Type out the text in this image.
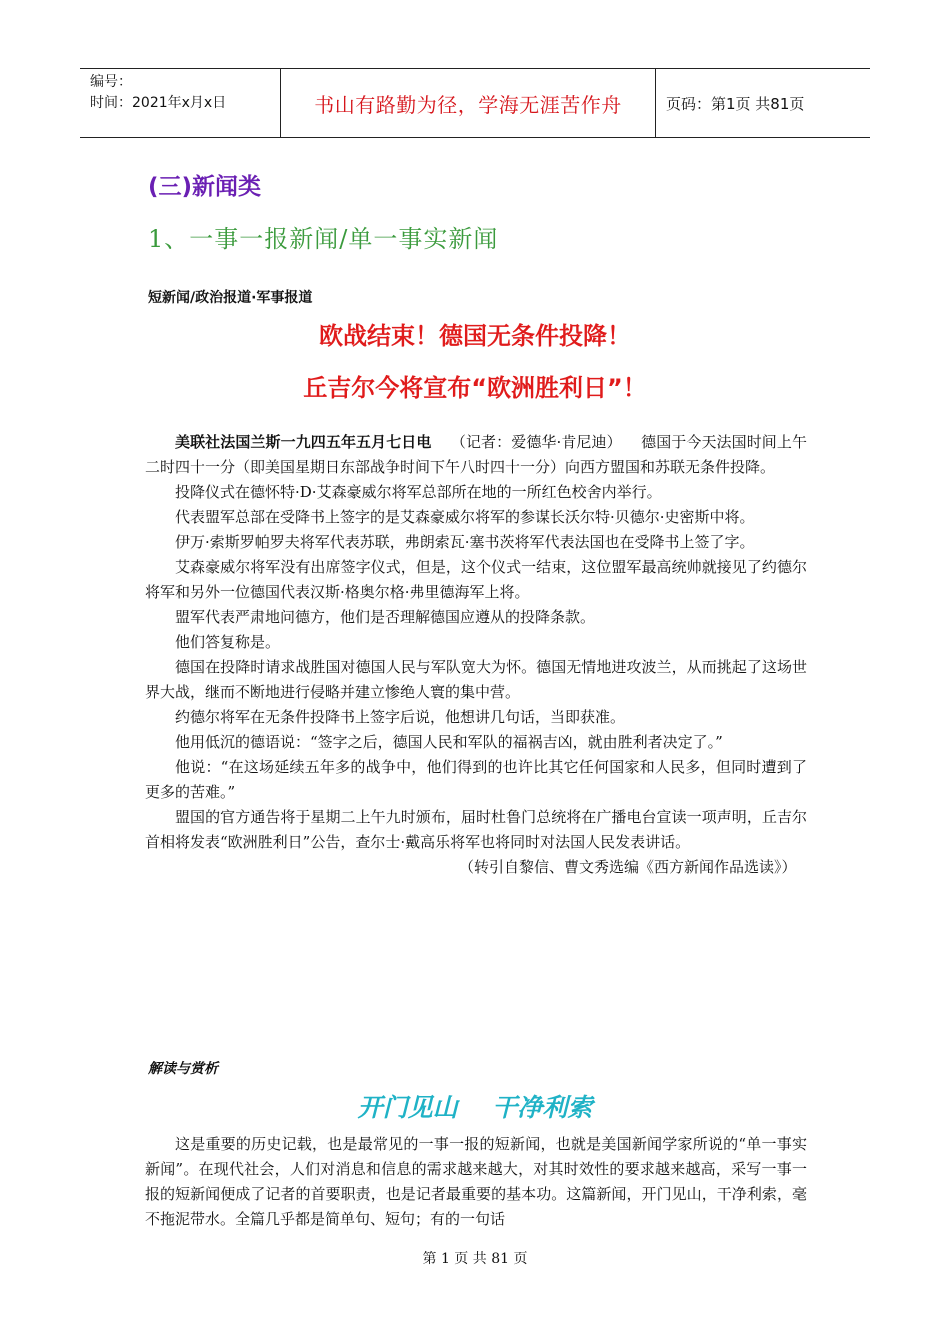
编号：
时间：2021年x月x日	书山有路勤为径，学海无涯苦作舟	页码：第1页 共81页
(三)新闻类
1、一事一报新闻/单一事实新闻
短新闻/政治报道·军事报道
欧战结束！德国无条件投降！
丘吉尔今将宣布“欧洲胜利日”！

美联社法国兰斯一九四五年五月七日电 （记者：爱德华·肯尼迪） 德国于今天法国时间上午二时四十一分（即美国星期日东部战争时间下午八时四十一分）向西方盟国和苏联无条件投降。

投降仪式在德怀特·D·艾森豪威尔将军总部所在地的一所红色校舍内举行。

代表盟军总部在受降书上签字的是艾森豪威尔将军的参谋长沃尔特·贝德尔·史密斯中将。

伊万·索斯罗帕罗夫将军代表苏联，弗朗索瓦·塞书茨将军代表法国也在受降书上签了字。

艾森豪威尔将军没有出席签字仪式，但是，这个仪式一结束，这位盟军最高统帅就接见了约德尔将军和另外一位德国代表汉斯·格奥尔格·弗里德海军上将。

盟军代表严肃地问德方，他们是否理解德国应遵从的投降条款。

他们答复称是。

德国在投降时请求战胜国对德国人民与军队宽大为怀。德国无情地进攻波兰，从而挑起了这场世界大战，继而不断地进行侵略并建立惨绝人寰的集中营。

约德尔将军在无条件投降书上签字后说，他想讲几句话，当即获准。

他用低沉的德语说：“签字之后，德国人民和军队的福祸吉凶，就由胜利者决定了。”

他说：“在这场延续五年多的战争中，他们得到的也许比其它任何国家和人民多，但同时遭到了更多的苦难。”

盟国的官方通告将于星期二上午九时颁布，届时杜鲁门总统将在广播电台宣读一项声明，丘吉尔首相将发表“欧洲胜利日”公告，查尔士·戴高乐将军也将同时对法国人民发表讲话。

（转引自黎信、曹文秀选编《西方新闻作品选读》）

解读与赏析
开门见山    干净利索

这是重要的历史记载，也是最常见的一事一报的短新闻，也就是美国新闻学家所说的“单一事实新闻”。在现代社会，人们对消息和信息的需求越来越大，对其时效性的要求越来越高，采写一事一报的短新闻便成了记者的首要职责，也是记者最重要的基本功。这篇新闻，开门见山，干净利索，毫不拖泥带水。全篇几乎都是简单句、短句；有的一句话

第 1 页 共 81 页
